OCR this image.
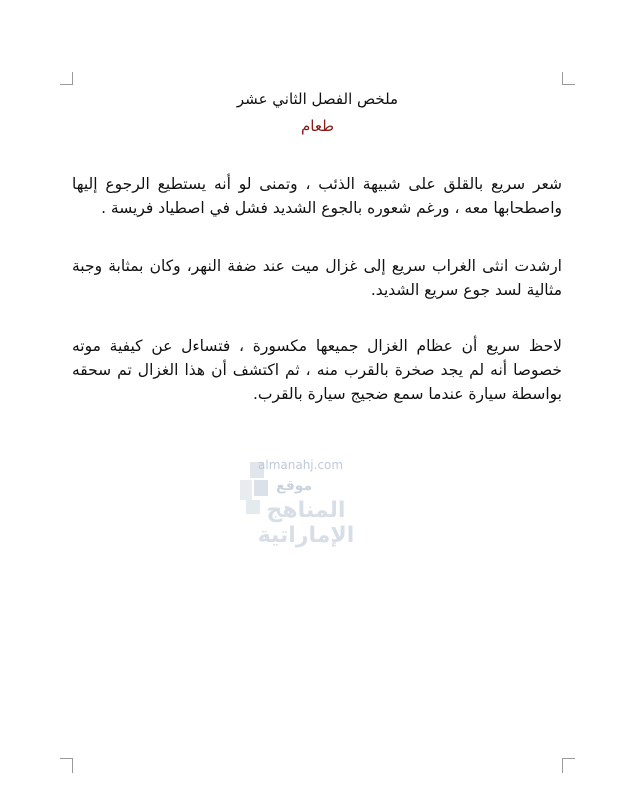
ملخص الفصل الثاني عشر
طعام
شعر سريع بالقلق على شبيهة الذئب ، وتمنى لو أنه يستطيع الرجوع إليها واصطحابها معه ، ورغم شعوره بالجوع الشديد فشل في اصطياد فريسة .
ارشدت انثى الغراب سريع إلى غزال ميت عند ضفة النهر، وكان بمثابة وجبة مثالية لسد جوع سريع الشديد.
لاحظ سريع أن عظام الغزال جميعها مكسورة ، فتساءل عن كيفية موته خصوصا أنه لم يجد صخرة بالقرب منه ، ثم اكتشف أن هذا الغزال تم سحقه بواسطة سيارة عندما سمع ضجيج سيارة بالقرب.
almanahj.com
موقع
المناهج الإماراتية
